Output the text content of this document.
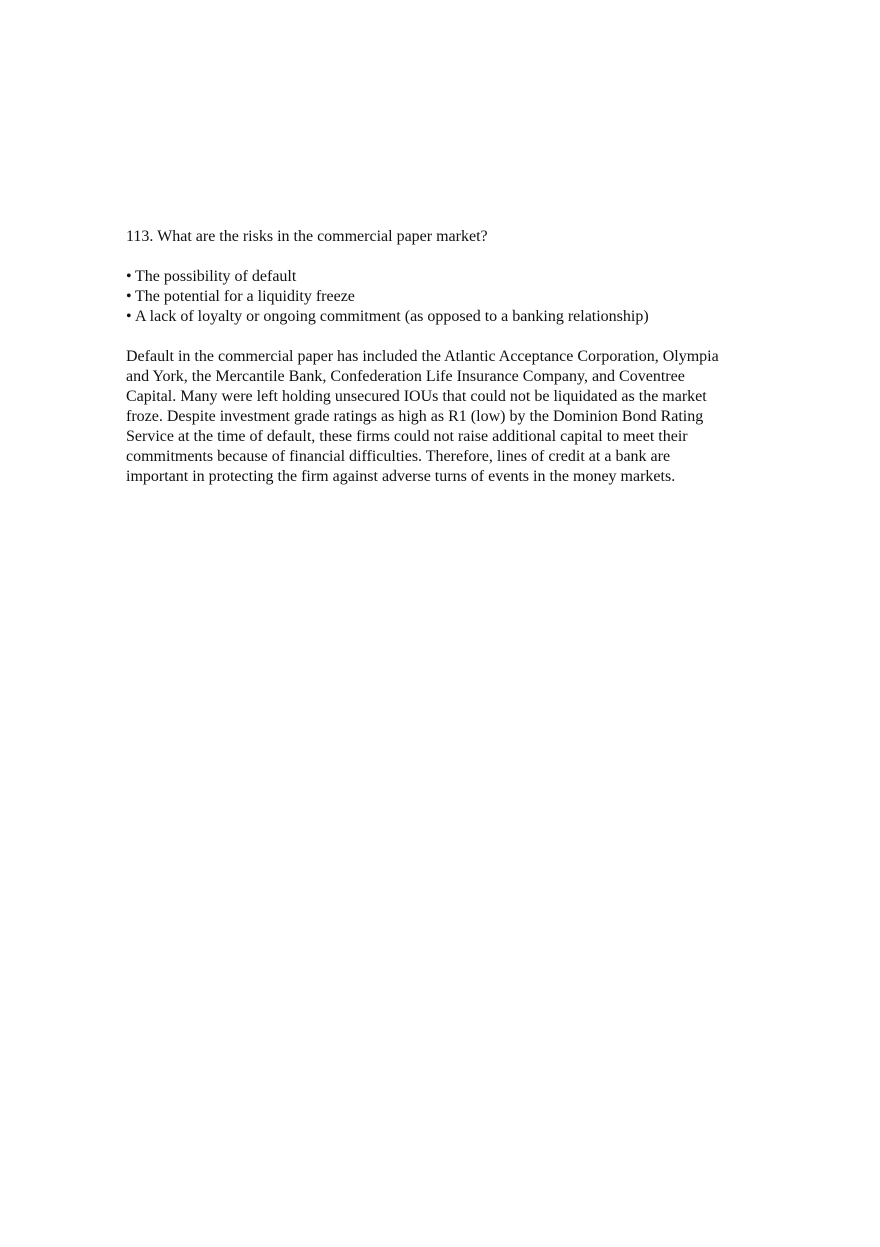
113. What are the risks in the commercial paper market?

• The possibility of default
• The potential for a liquidity freeze
• A lack of loyalty or ongoing commitment (as opposed to a banking relationship)

Default in the commercial paper has included the Atlantic Acceptance Corporation, Olympia
and York, the Mercantile Bank, Confederation Life Insurance Company, and Coventree
Capital. Many were left holding unsecured IOUs that could not be liquidated as the market
froze. Despite investment grade ratings as high as R1 (low) by the Dominion Bond Rating
Service at the time of default, these firms could not raise additional capital to meet their
commitments because of financial difficulties. Therefore, lines of credit at a bank are
important in protecting the firm against adverse turns of events in the money markets.
